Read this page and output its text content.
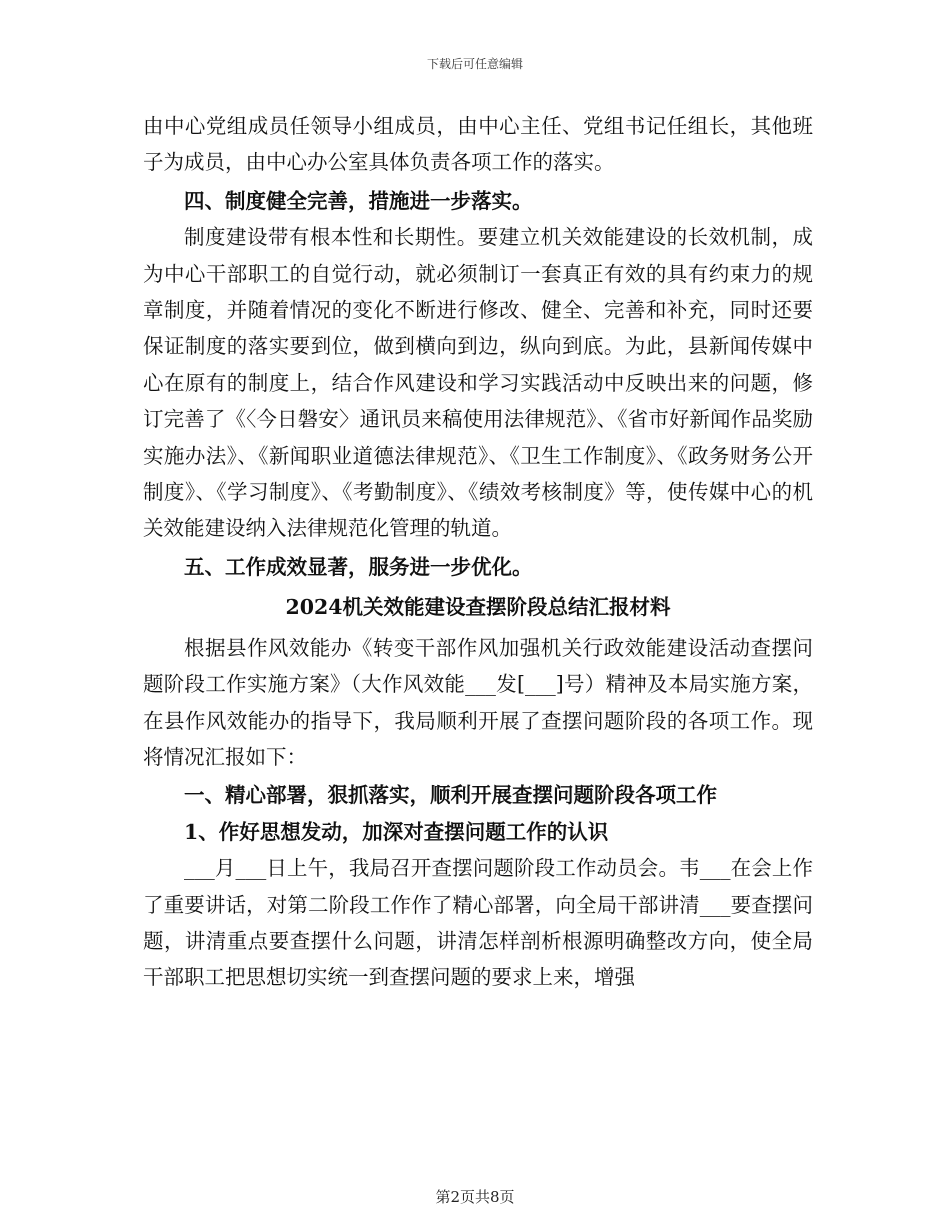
下载后可任意编辑

由中心党组成员任领导小组成员，由中心主任、党组书记任组长，其他班子为成员，由中心办公室具体负责各项工作的落实。

四、制度健全完善，措施进一步落实。

制度建设带有根本性和长期性。要建立机关效能建设的长效机制，成为中心干部职工的自觉行动，就必须制订一套真正有效的具有约束力的规章制度，并随着情况的变化不断进行修改、健全、完善和补充，同时还要保证制度的落实要到位，做到横向到边，纵向到底。为此，县新闻传媒中心在原有的制度上，结合作风建设和学习实践活动中反映出来的问题，修订完善了《〈今日磐安〉通讯员来稿使用法律规范》、《省市好新闻作品奖励实施办法》、《新闻职业道德法律规范》、《卫生工作制度》、《政务财务公开制度》、《学习制度》、《考勤制度》、《绩效考核制度》等，使传媒中心的机关效能建设纳入法律规范化管理的轨道。

五、工作成效显著，服务进一步优化。

2024机关效能建设查摆阶段总结汇报材料

根据县作风效能办《转变干部作风加强机关行政效能建设活动查摆问题阶段工作实施方案》（大作风效能___发[___]号）精神及本局实施方案，在县作风效能办的指导下，我局顺利开展了查摆问题阶段的各项工作。现将情况汇报如下：

一、精心部署，狠抓落实，顺利开展查摆问题阶段各项工作

1、作好思想发动，加深对查摆问题工作的认识

___月___日上午，我局召开查摆问题阶段工作动员会。韦___在会上作了重要讲话，对第二阶段工作作了精心部署，向全局干部讲清___要查摆问题，讲清重点要查摆什么问题，讲清怎样剖析根源明确整改方向，使全局干部职工把思想切实统一到查摆问题的要求上来，增强

第2页共8页
